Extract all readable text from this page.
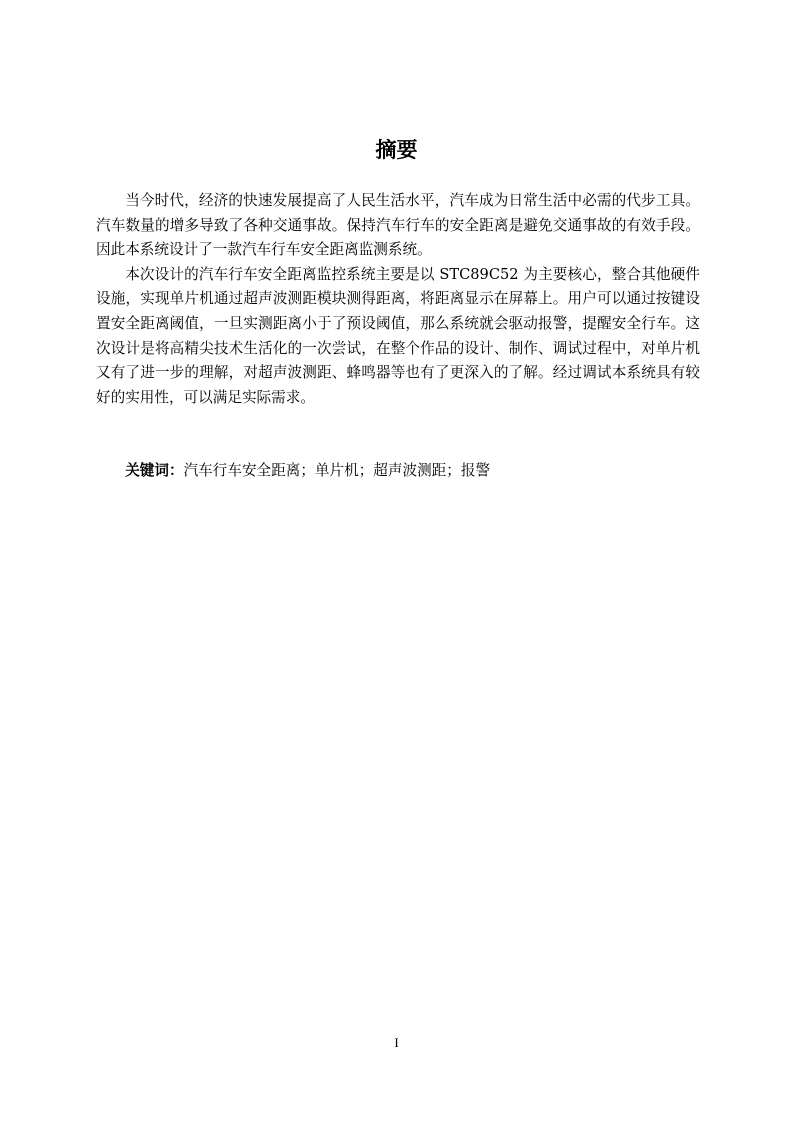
摘要

当今时代，经济的快速发展提高了人民生活水平，汽车成为日常生活中必需的代步工具。汽车数量的增多导致了各种交通事故。保持汽车行车的安全距离是避免交通事故的有效手段。因此本系统设计了一款汽车行车安全距离监测系统。

本次设计的汽车行车安全距离监控系统主要是以 STC89C52 为主要核心，整合其他硬件设施，实现单片机通过超声波测距模块测得距离，将距离显示在屏幕上。用户可以通过按键设置安全距离阈值，一旦实测距离小于了预设阈值，那么系统就会驱动报警，提醒安全行车。这次设计是将高精尖技术生活化的一次尝试，在整个作品的设计、制作、调试过程中，对单片机又有了进一步的理解，对超声波测距、蜂鸣器等也有了更深入的了解。经过调试本系统具有较好的实用性，可以满足实际需求。

关键词：汽车行车安全距离；单片机；超声波测距；报警

I
